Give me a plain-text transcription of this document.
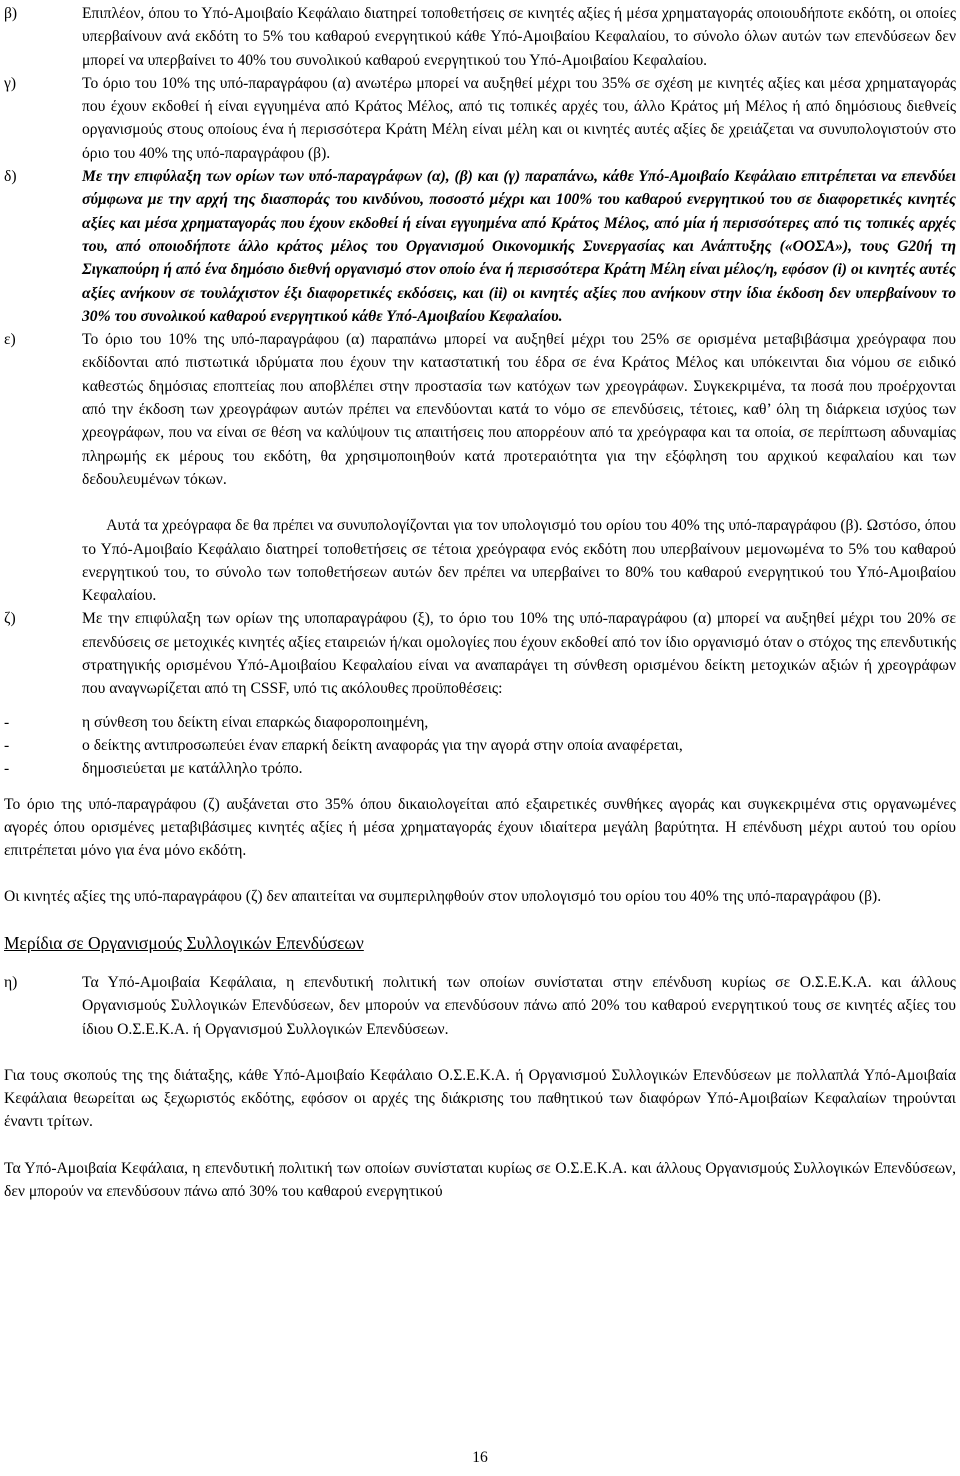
β)	Επιπλέον, όπου το Υπό-Αμοιβαίο Κεφάλαιο διατηρεί τοποθετήσεις σε κινητές αξίες ή μέσα χρηματαγοράς οποιουδήποτε εκδότη, οι οποίες υπερβαίνουν ανά εκδότη το 5% του καθαρού ενεργητικού κάθε Υπό-Αμοιβαίου Κεφαλαίου, το σύνολο όλων αυτών των επενδύσεων δεν μπορεί να υπερβαίνει το 40% του συνολικού καθαρού ενεργητικού του Υπό-Αμοιβαίου Κεφαλαίου.
γ)	Το όριο του 10% της υπό-παραγράφου (α) ανωτέρω μπορεί να αυξηθεί μέχρι του 35% σε σχέση με κινητές αξίες και μέσα χρηματαγοράς που έχουν εκδοθεί ή είναι εγγυημένα από Κράτος Μέλος, από τις τοπικές αρχές του, άλλο Κράτος μή Μέλος ή από δημόσιους διεθνείς οργανισμούς στους οποίους ένα ή περισσότερα Κράτη Μέλη είναι μέλη και οι κινητές αυτές αξίες δε χρειάζεται να συνυπολογιστούν στο όριο του 40% της υπό-παραγράφου (β).
δ)	Με την επιφύλαξη των ορίων των υπό-παραγράφων (α), (β) και (γ) παραπάνω, κάθε Υπό-Αμοιβαίο Κεφάλαιο επιτρέπεται να επενδύει σύμφωνα με την αρχή της διασποράς του κινδύνου, ποσοστό μέχρι και 100% του καθαρού ενεργητικού του σε διαφορετικές κινητές αξίες και μέσα χρηματαγοράς που έχουν εκδοθεί ή είναι εγγυημένα από Κράτος Μέλος, από μία ή περισσότερες από τις τοπικές αρχές του, από οποιοδήποτε άλλο κράτος μέλος του Οργανισμού Οικονομικής Συνεργασίας και Ανάπτυξης («ΟΟΣΑ»), τους G20ή τη Σιγκαπούρη ή από ένα δημόσιο διεθνή οργανισμό στον οποίο ένα ή περισσότερα Κράτη Μέλη είναι μέλος/η, εφόσον (i) οι κινητές αυτές αξίες ανήκουν σε τουλάχιστον έξι διαφορετικές εκδόσεις, και (ii) οι κινητές αξίες που ανήκουν στην ίδια έκδοση δεν υπερβαίνουν το 30% του συνολικού καθαρού ενεργητικού κάθε Υπό-Αμοιβαίου Κεφαλαίου.
ε)	Το όριο του 10% της υπό-παραγράφου (α) παραπάνω μπορεί να αυξηθεί μέχρι του 25% σε ορισμένα μεταβιβάσιμα χρεόγραφα που εκδίδονται από πιστωτικά ιδρύματα που έχουν την καταστατική του έδρα σε ένα Κράτος Μέλος και υπόκεινται δια νόμου σε ειδικό καθεστώς δημόσιας εποπτείας που αποβλέπει στην προστασία των κατόχων των χρεογράφων. Συγκεκριμένα, τα ποσά που προέρχονται από την έκδοση των χρεογράφων αυτών πρέπει να επενδύονται κατά το νόμο σε επενδύσεις, τέτοιες, καθ’ όλη τη διάρκεια ισχύος των χρεογράφων, που να είναι σε θέση να καλύψουν τις απαιτήσεις που απορρέουν από τα χρεόγραφα και τα οποία, σε περίπτωση αδυναμίας πληρωμής εκ μέρους του εκδότη, θα χρησιμοποιηθούν κατά προτεραιότητα για την εξόφληση του αρχικού κεφαλαίου και των δεδουλευμένων τόκων.
Αυτά τα χρεόγραφα δε θα πρέπει να συνυπολογίζονται για τον υπολογισμό του ορίου του 40% της υπό-παραγράφου (β). Ωστόσο, όπου το Υπό-Αμοιβαίο Κεφάλαιο διατηρεί τοποθετήσεις σε τέτοια χρεόγραφα ενός εκδότη που υπερβαίνουν μεμονωμένα το 5% του καθαρού ενεργητικού του, το σύνολο των τοποθετήσεων αυτών δεν πρέπει να υπερβαίνει το 80% του καθαρού ενεργητικού του Υπό-Αμοιβαίου Κεφαλαίου.
ζ)	Με την επιφύλαξη των ορίων της υποπαραγράφου (ξ), το όριο του 10% της υπό-παραγράφου (α) μπορεί να αυξηθεί μέχρι του 20% σε επενδύσεις σε μετοχικές κινητές αξίες εταιρειών ή/και ομολογίες που έχουν εκδοθεί από τον ίδιο οργανισμό όταν ο στόχος της επενδυτικής στρατηγικής ορισμένου Υπό-Αμοιβαίου Κεφαλαίου είναι να αναπαράγει τη σύνθεση ορισμένου δείκτη μετοχικών αξιών ή χρεογράφων που αναγνωρίζεται από τη CSSF, υπό τις ακόλουθες προϋποθέσεις:
-	η σύνθεση του δείκτη είναι επαρκώς διαφοροποιημένη,
-	ο δείκτης αντιπροσωπεύει έναν επαρκή δείκτη αναφοράς για την αγορά στην οποία αναφέρεται,
-	δημοσιεύεται με κατάλληλο τρόπο.
Το όριο της υπό-παραγράφου (ζ) αυξάνεται στο 35% όπου δικαιολογείται από εξαιρετικές συνθήκες αγοράς και συγκεκριμένα στις οργανωμένες αγορές όπου ορισμένες μεταβιβάσιμες κινητές αξίες ή μέσα χρηματαγοράς έχουν ιδιαίτερα μεγάλη βαρύτητα. Η επένδυση μέχρι αυτού του ορίου επιτρέπεται μόνο για ένα μόνο εκδότη.
Οι κινητές αξίες της υπό-παραγράφου (ζ) δεν απαιτείται να συμπεριληφθούν στον υπολογισμό του ορίου του 40% της υπό-παραγράφου (β).
Μερίδια σε Οργανισμούς Συλλογικών Επενδύσεων
η)	Τα Υπό-Αμοιβαία Κεφάλαια, η επενδυτική πολιτική των οποίων συνίσταται στην επένδυση κυρίως σε Ο.Σ.Ε.Κ.Α. και άλλους Οργανισμούς Συλλογικών Επενδύσεων, δεν μπορούν να επενδύσουν πάνω από 20% του καθαρού ενεργητικού τους σε κινητές αξίες του ίδιου Ο.Σ.Ε.Κ.Α. ή Οργανισμού Συλλογικών Επενδύσεων.
Για τους σκοπούς της της διάταξης, κάθε Υπό-Αμοιβαίο Κεφάλαιο Ο.Σ.Ε.Κ.Α. ή Οργανισμού Συλλογικών Επενδύσεων με πολλαπλά Υπό-Αμοιβαία Κεφάλαια θεωρείται ως ξεχωριστός εκδότης, εφόσον οι αρχές της διάκρισης του παθητικού των διαφόρων Υπό-Αμοιβαίων Κεφαλαίων τηρούνται έναντι τρίτων.
Τα Υπό-Αμοιβαία Κεφάλαια, η επενδυτική πολιτική των οποίων συνίσταται κυρίως σε Ο.Σ.Ε.Κ.Α. και άλλους Οργανισμούς Συλλογικών Επενδύσεων, δεν μπορούν να επενδύσουν πάνω από 30% του καθαρού ενεργητικού
16
